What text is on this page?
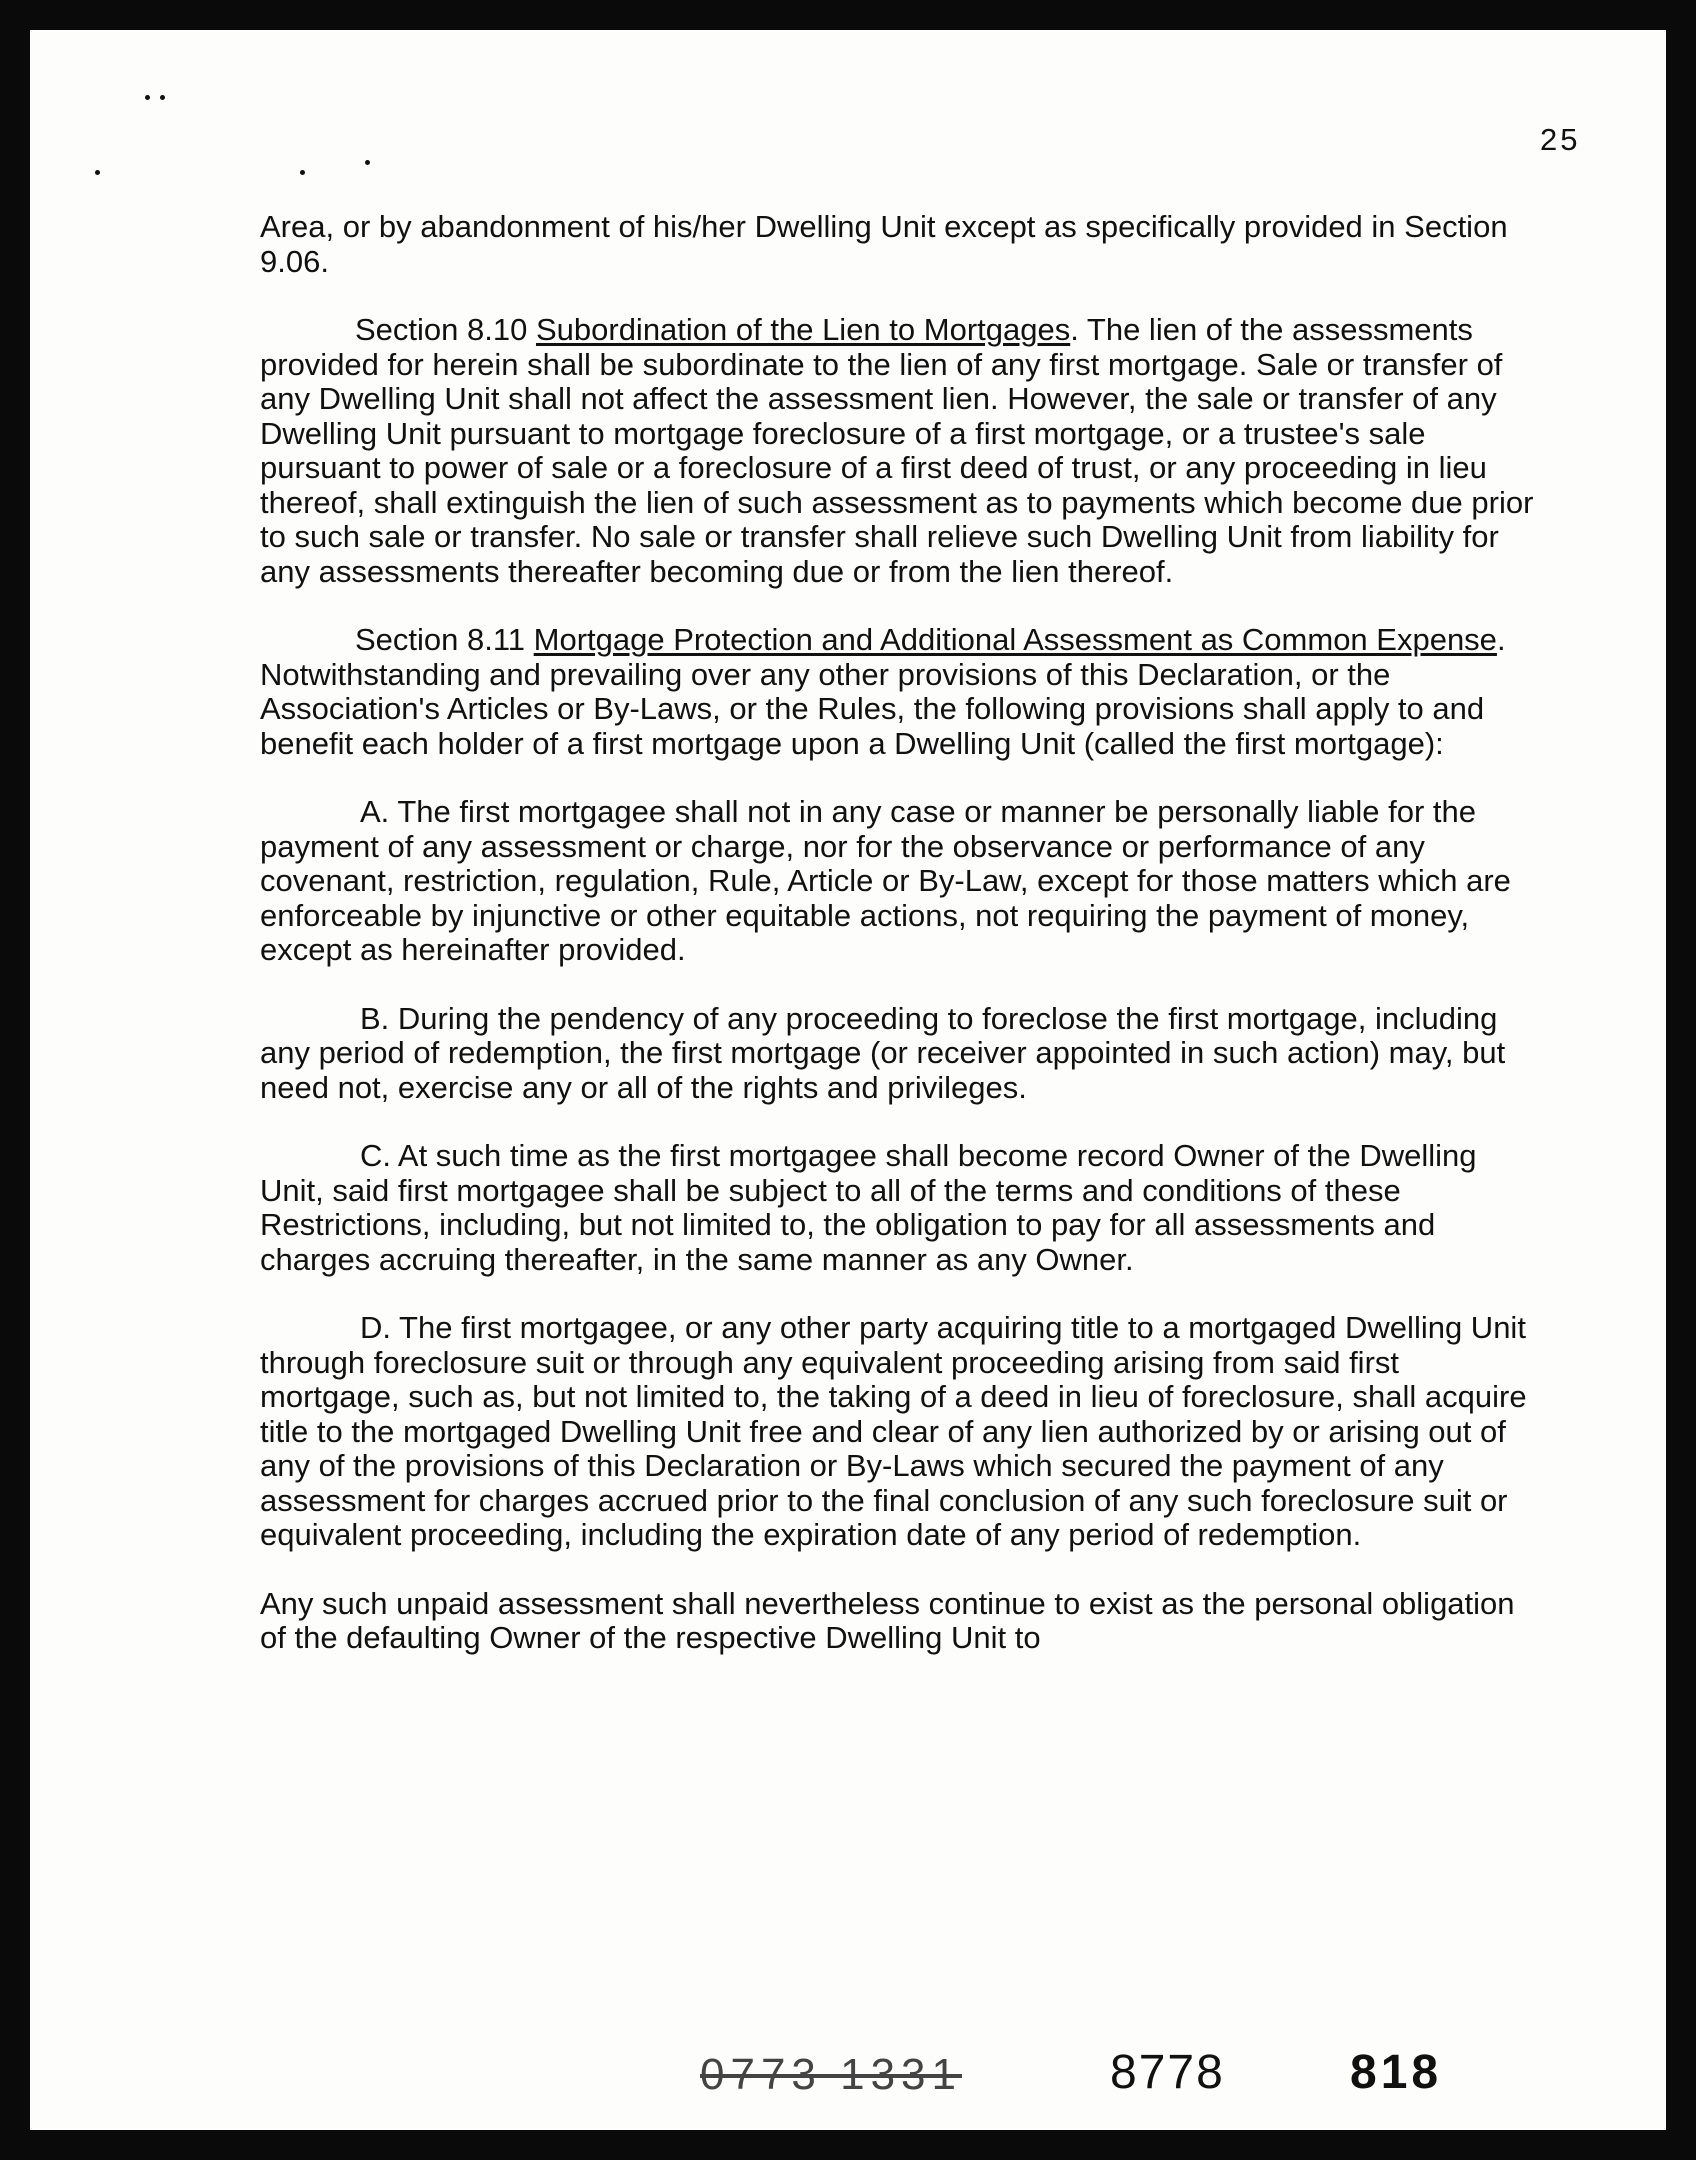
25

Area, or by abandonment of his/her Dwelling Unit except as specifically provided in Section 9.06.

Section 8.10 Subordination of the Lien to Mortgages. The lien of the assessments provided for herein shall be subordinate to the lien of any first mortgage. Sale or transfer of any Dwelling Unit shall not affect the assessment lien. However, the sale or transfer of any Dwelling Unit pursuant to mortgage foreclosure of a first mortgage, or a trustee's sale pursuant to power of sale or a foreclosure of a first deed of trust, or any proceeding in lieu thereof, shall extinguish the lien of such assessment as to payments which become due prior to such sale or transfer. No sale or transfer shall relieve such Dwelling Unit from liability for any assessments thereafter becoming due or from the lien thereof.

Section 8.11 Mortgage Protection and Additional Assessment as Common Expense. Notwithstanding and prevailing over any other provisions of this Declaration, or the Association's Articles or By-Laws, or the Rules, the following provisions shall apply to and benefit each holder of a first mortgage upon a Dwelling Unit (called the first mortgage):

A. The first mortgagee shall not in any case or manner be personally liable for the payment of any assessment or charge, nor for the observance or performance of any covenant, restriction, regulation, Rule, Article or By-Law, except for those matters which are enforceable by injunctive or other equitable actions, not requiring the payment of money, except as hereinafter provided.

B. During the pendency of any proceeding to foreclose the first mortgage, including any period of redemption, the first mortgage (or receiver appointed in such action) may, but need not, exercise any or all of the rights and privileges.

C. At such time as the first mortgagee shall become record Owner of the Dwelling Unit, said first mortgagee shall be subject to all of the terms and conditions of these Restrictions, including, but not limited to, the obligation to pay for all assessments and charges accruing thereafter, in the same manner as any Owner.

D. The first mortgagee, or any other party acquiring title to a mortgaged Dwelling Unit through foreclosure suit or through any equivalent proceeding arising from said first mortgage, such as, but not limited to, the taking of a deed in lieu of foreclosure, shall acquire title to the mortgaged Dwelling Unit free and clear of any lien authorized by or arising out of any of the provisions of this Declaration or By-Laws which secured the payment of any assessment for charges accrued prior to the final conclusion of any such foreclosure suit or equivalent proceeding, including the expiration date of any period of redemption.

Any such unpaid assessment shall nevertheless continue to exist as the personal obligation of the defaulting Owner of the respective Dwelling Unit to

0773 1331	8778	818
